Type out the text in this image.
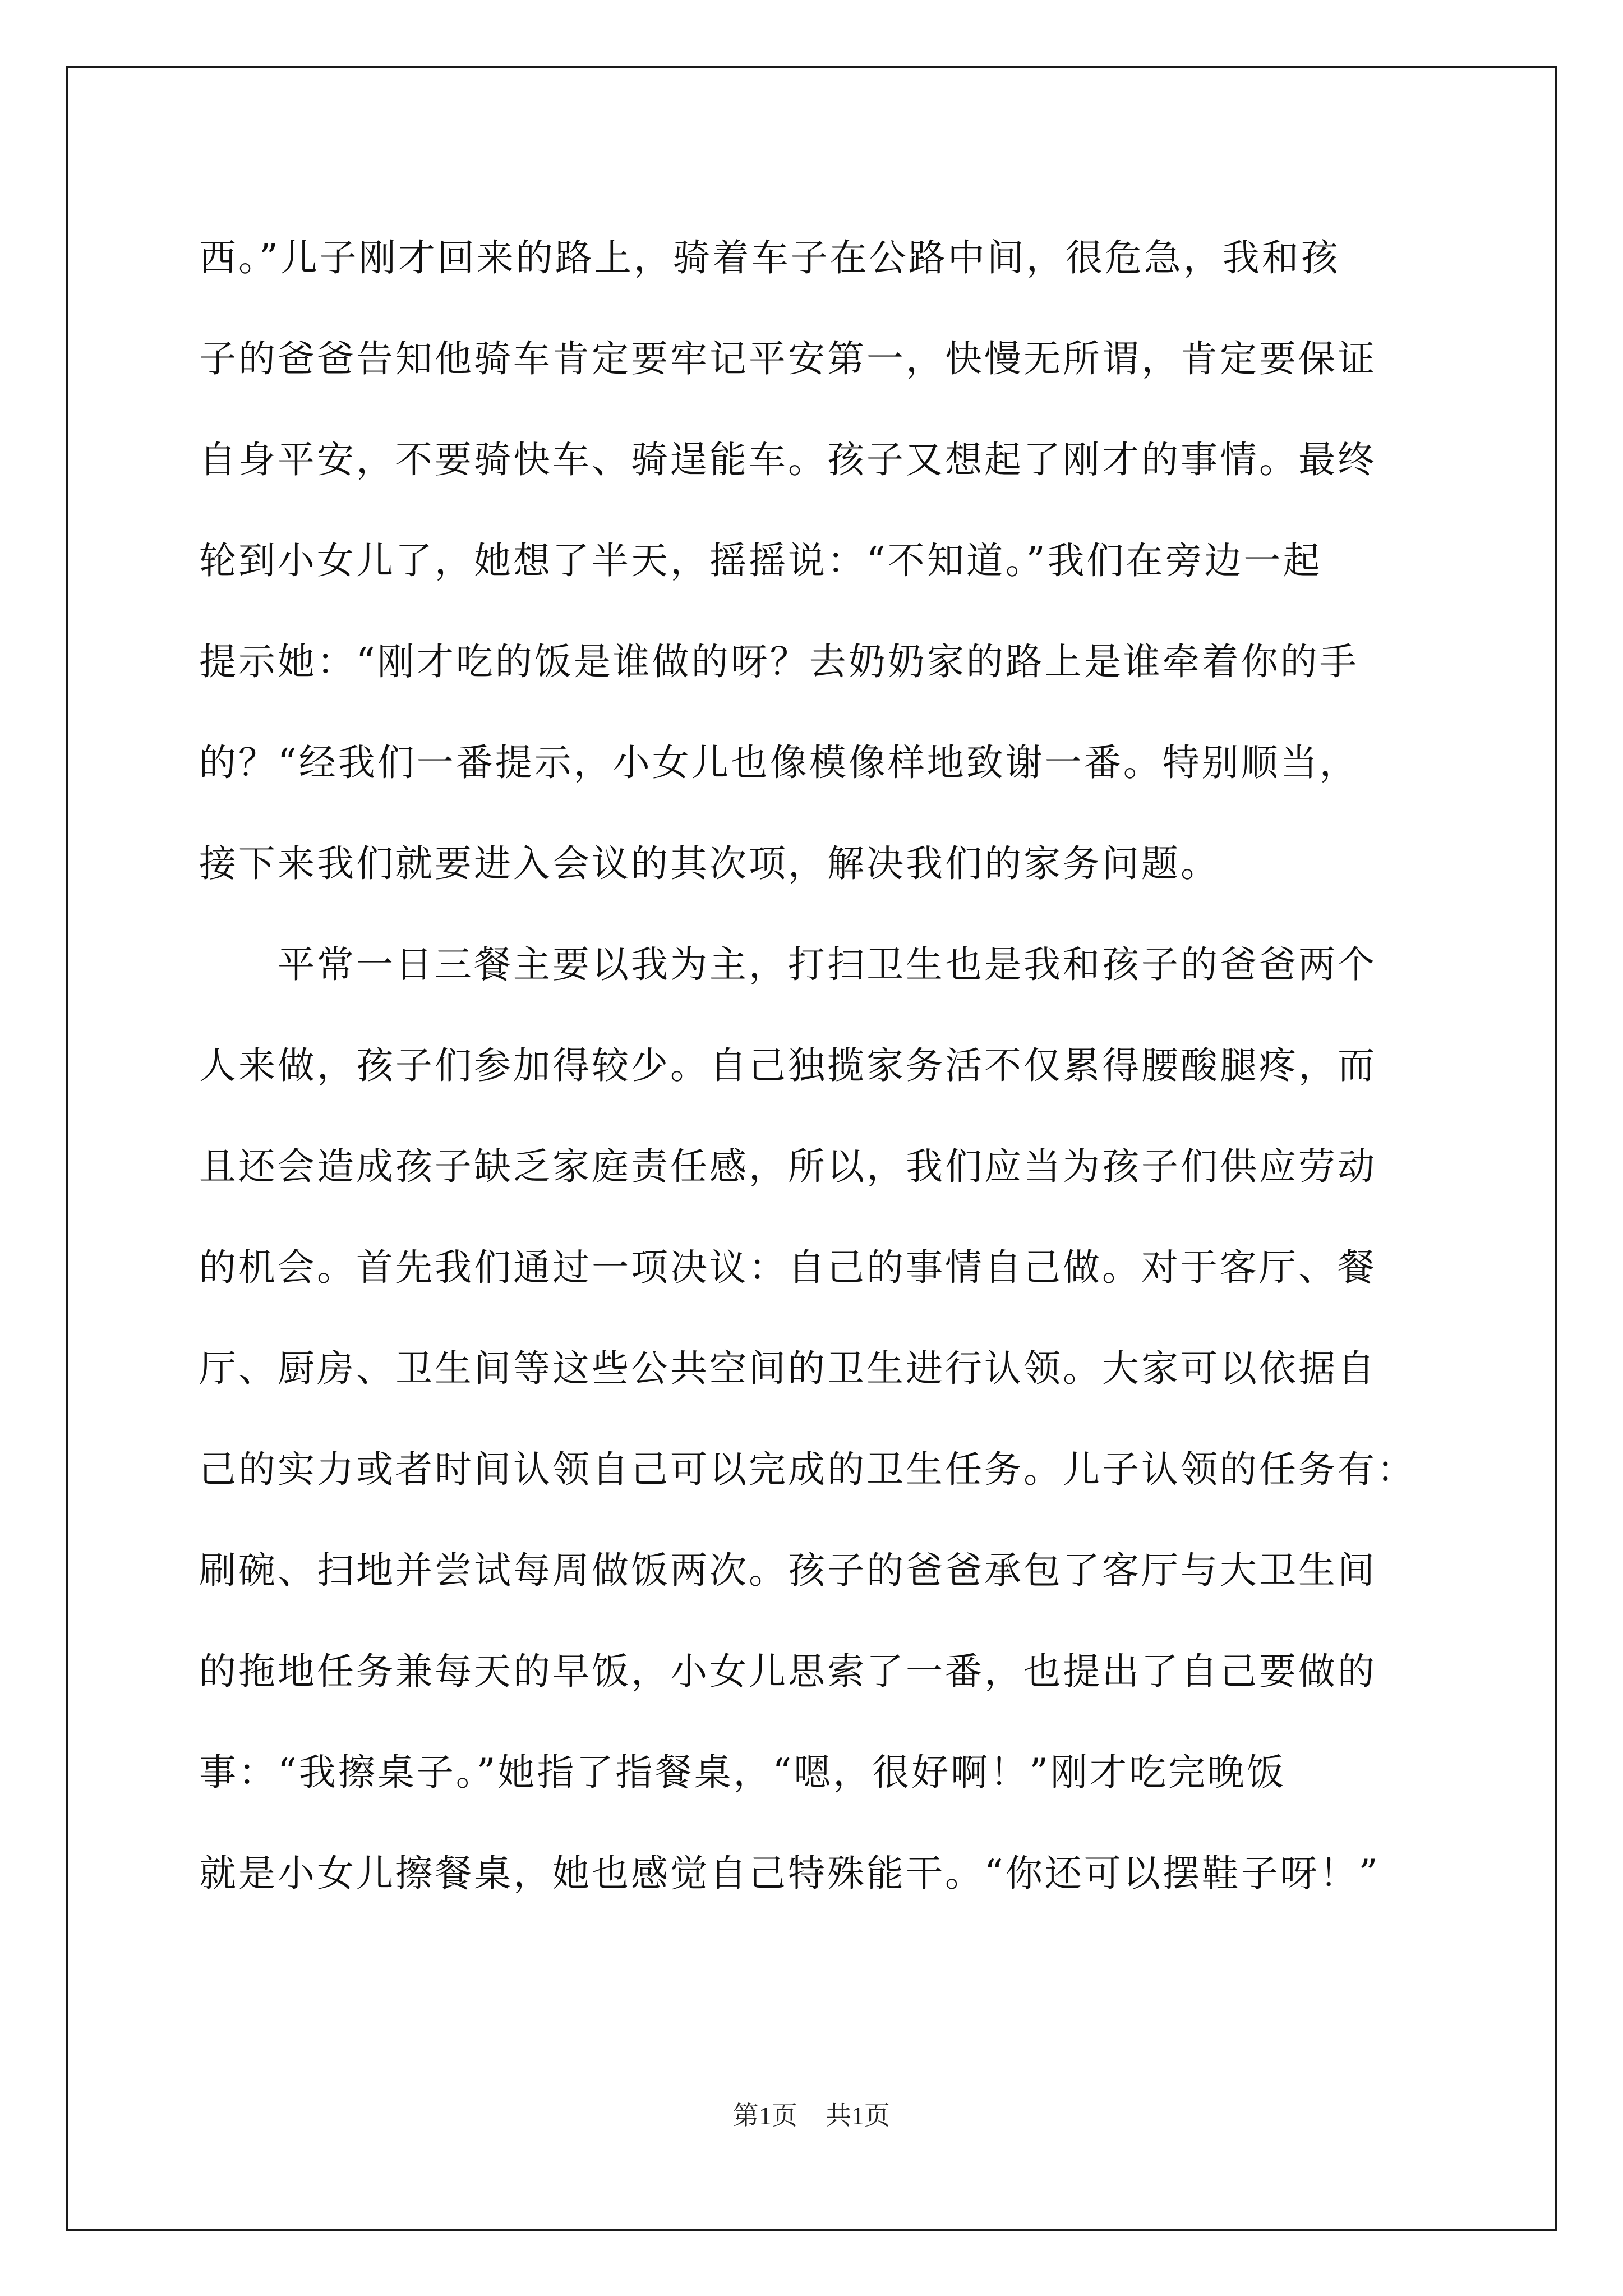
西。”儿子刚才回来的路上，骑着车子在公路中间，很危急，我和孩
子的爸爸告知他骑车肯定要牢记平安第一，快慢无所谓，肯定要保证
自身平安，不要骑快车、骑逞能车。孩子又想起了刚才的事情。最终
轮到小女儿了，她想了半天，摇摇说：“不知道。”我们在旁边一起
提示她：“刚才吃的饭是谁做的呀？去奶奶家的路上是谁牵着你的手
的？“经我们一番提示，小女儿也像模像样地致谢一番。特别顺当，
接下来我们就要进入会议的其次项，解决我们的家务问题。
平常一日三餐主要以我为主，打扫卫生也是我和孩子的爸爸两个
人来做，孩子们参加得较少。自己独揽家务活不仅累得腰酸腿疼，而
且还会造成孩子缺乏家庭责任感，所以，我们应当为孩子们供应劳动
的机会。首先我们通过一项决议：自己的事情自己做。对于客厅、餐
厅、厨房、卫生间等这些公共空间的卫生进行认领。大家可以依据自
己的实力或者时间认领自己可以完成的卫生任务。儿子认领的任务有：
刷碗、扫地并尝试每周做饭两次。孩子的爸爸承包了客厅与大卫生间
的拖地任务兼每天的早饭，小女儿思索了一番，也提出了自己要做的
事：“我擦桌子。”她指了指餐桌，“嗯，很好啊！”刚才吃完晚饭
就是小女儿擦餐桌，她也感觉自己特殊能干。“你还可以摆鞋子呀！”
第1页 共1页
